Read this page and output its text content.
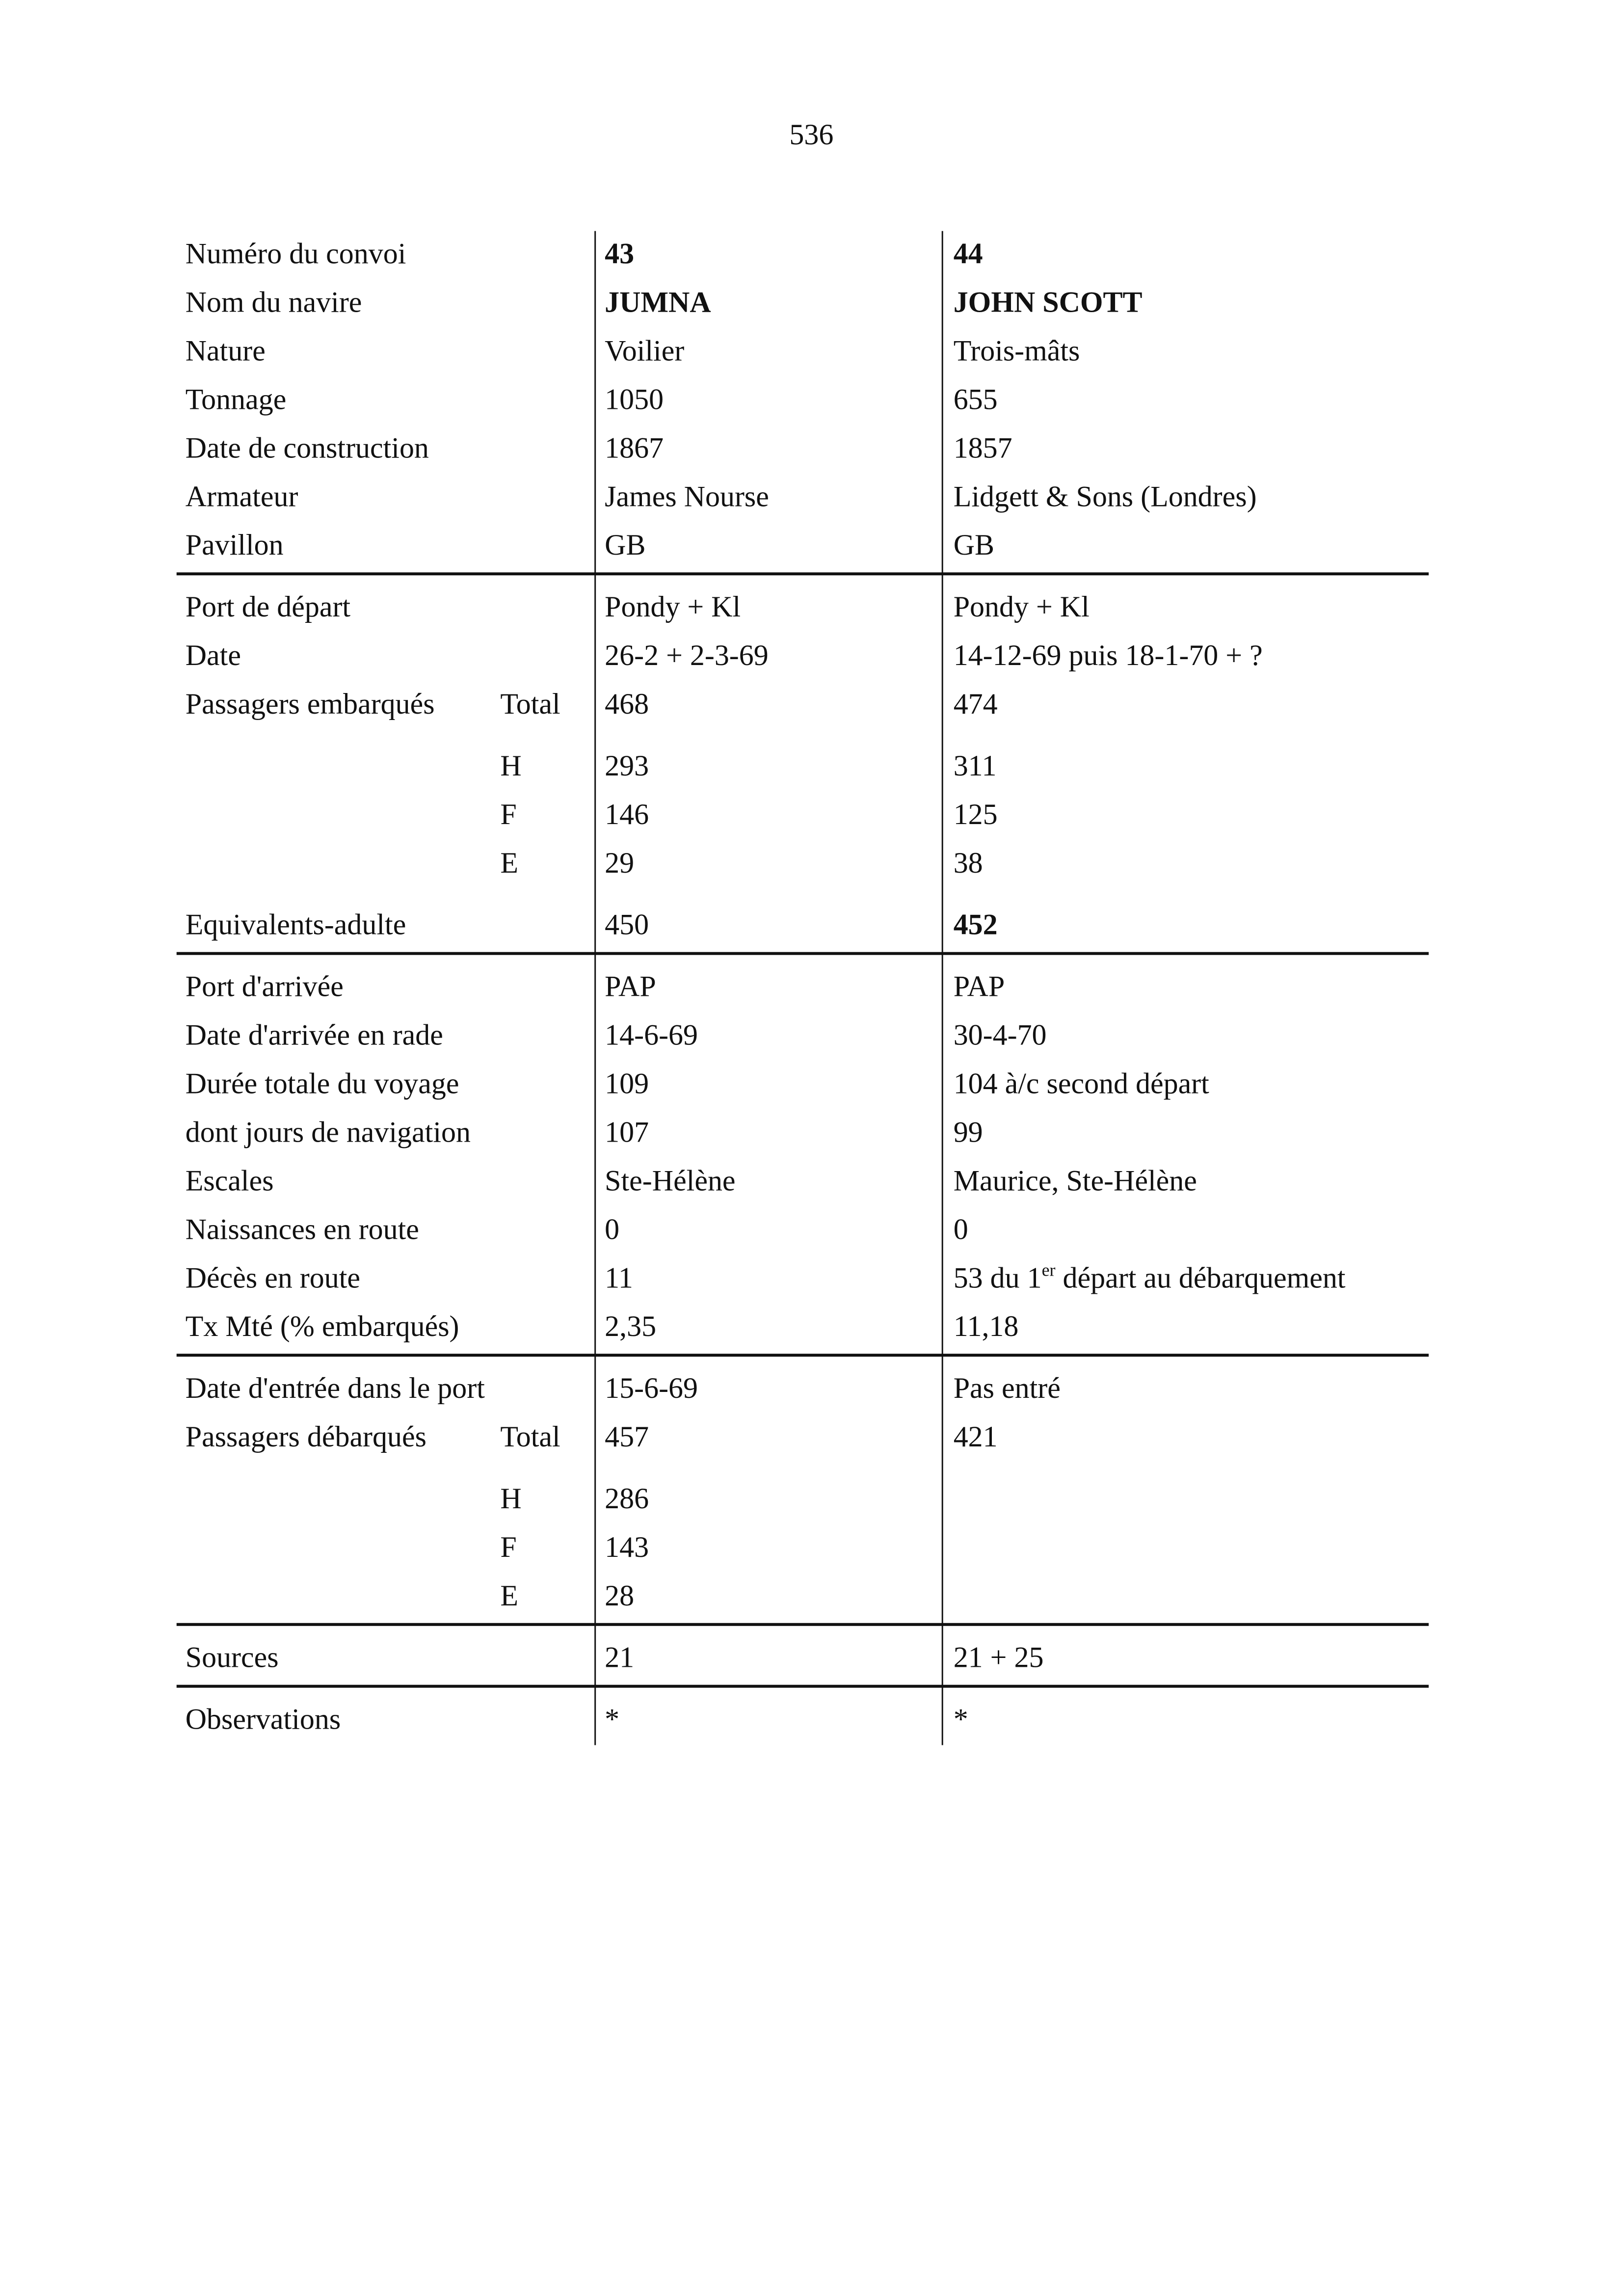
536
Numéro du convoi	43	44
Nom du navire	JUMNA	JOHN SCOTT
Nature	Voilier	Trois-mâts
Tonnage	1050	655
Date de construction	1867	1857
Armateur	James Nourse	Lidgett & Sons (Londres)
Pavillon	GB	GB
Port de départ	Pondy + Kl	Pondy + Kl
Date	26-2 + 2-3-69	14-12-69 puis 18-1-70 + ?
Passagers embarqués	Total	468	474
H	293	311
F	146	125
E	29	38
Equivalents-adulte	450	452
Port d'arrivée	PAP	PAP
Date d'arrivée en rade	14-6-69	30-4-70
Durée totale du voyage	109	104 à/c second départ
dont jours de navigation	107	99
Escales	Ste-Hélène	Maurice, Ste-Hélène
Naissances en route	0	0
Décès en route	11	53 du 1er départ au débarquement
Tx Mté (% embarqués)	2,35	11,18
Date d'entrée dans le port	15-6-69	Pas entré
Passagers débarqués	Total	457	421
H	286
F	143
E	28
Sources	21	21 + 25
Observations	*	*
